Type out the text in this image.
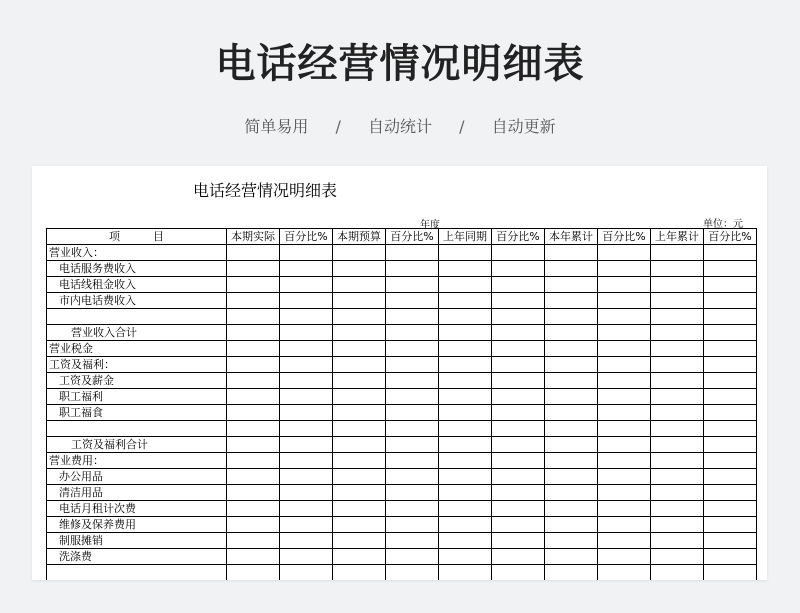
电话经营情况明细表
简单易用 / 自动统计 / 自动更新
电话经营情况明细表
年度	单位：元
项　　　目	本期实际	百分比%	本期预算	百分比%	上年同期	百分比%	本年累计	百分比%	上年累计	百分比%
营业收入：										
电话服务费收入										
电话线租金收入										
市内电话费收入										

营业收入合计										
营业税金										
工资及福利：										
工资及薪金										
职工福利										
职工福食										

工资及福利合计										
营业费用：										
办公用品										
清洁用品										
电话月租计次费										
维修及保养费用										
制服摊销										
洗涤费										
